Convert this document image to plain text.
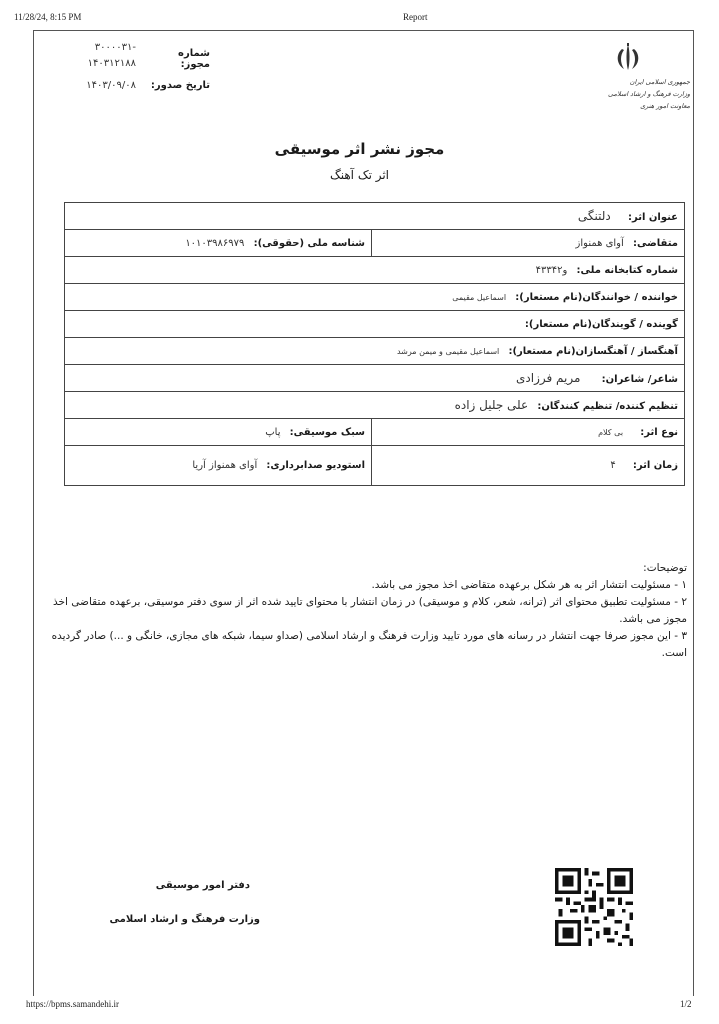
11/28/24, 8:15 PM	Report
شماره مجوز:
۳۰۰۰۰۳۱-
۱۴۰۳۱۲۱۸۸
تاریخ صدور:
۱۴۰۳/۰۹/۰۸	جمهوری اسلامی ایران
وزارت فرهنگ و ارشاد اسلامی
معاونت امور هنری
مجوز نشر اثر موسیقی
اثر تک آهنگ
عنوان اثر: دلتنگی	
متقاضی: آوای همنواز	شناسه ملی (حقوقی): ۱۰۱۰۳۹۸۶۹۷۹
شماره کتابخانه ملی: و۴۳۳۴۲	
خواننده / خوانندگان(نام مستعار): اسماعیل مقیمی	
گوینده / گویندگان(نام مستعار):	
آهنگساز / آهنگسازان(نام مستعار): اسماعیل مقیمی و میمن مرشد	
شاعر/ شاعران: مریم فرزادی	
تنظیم کننده/ تنظیم کنندگان: علی جلیل زاده	
نوع اثر: بی کلام	سبک موسیقی: پاپ
زمان اثر: ۴	استودیو صدابرداری: آوای همنواز آریا
توضیحات:
۱ - مسئولیت انتشار اثر به هر شکل برعهده متقاضی اخذ مجوز می باشد.
۲ - مسئولیت تطبیق محتوای اثر (ترانه، شعر، کلام و موسیقی) در زمان انتشار با محتوای تایید شده اثر از سوی دفتر موسیقی، برعهده متقاضی اخذ مجوز می باشد.
۳ - این مجوز صرفا جهت انتشار در رسانه های مورد تایید وزارت فرهنگ و ارشاد اسلامی (صداو سیما، شبکه های مجازی، خانگی و ...) صادر گردیده است.
دفتر امور موسیقی
وزارت فرهنگ و ارشاد اسلامی
https://bpms.samandehi.ir	1/2
